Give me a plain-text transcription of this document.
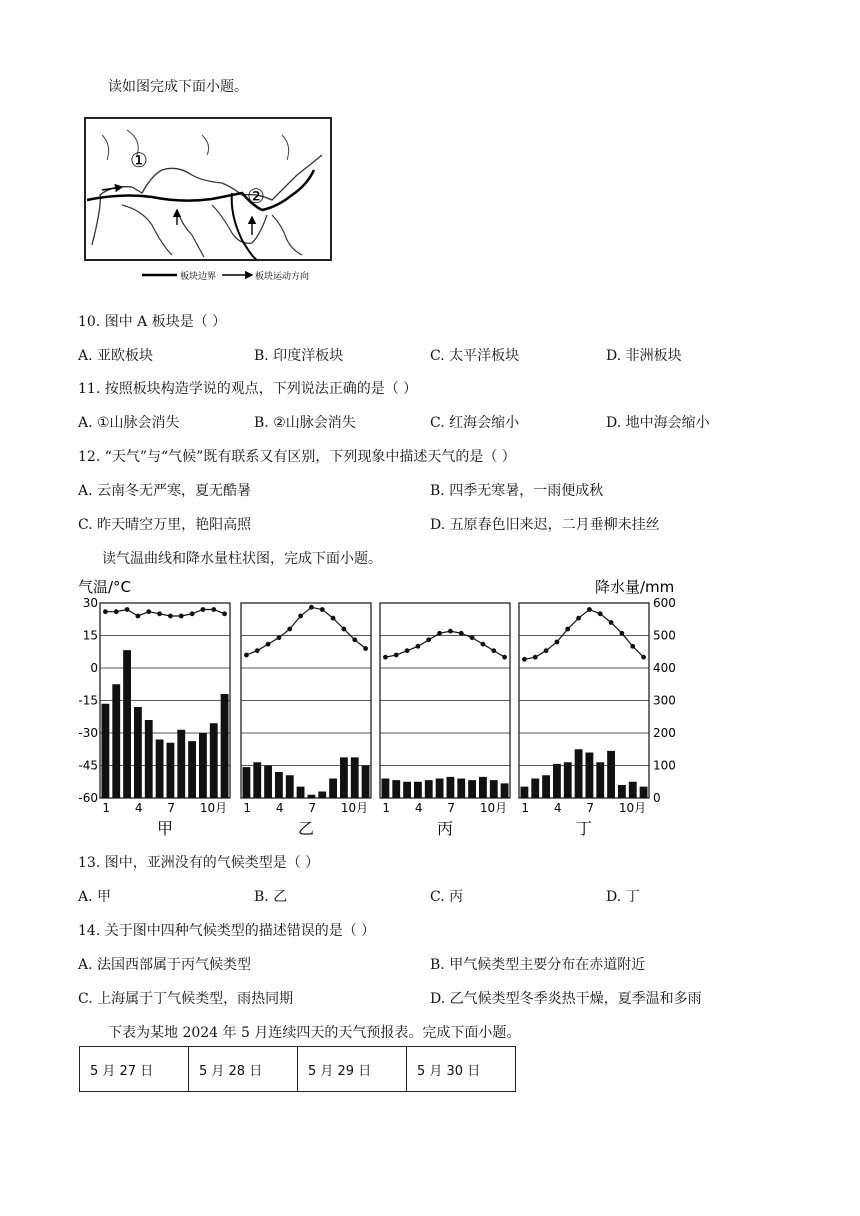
读如图完成下面小题。
①
②
板块边界	板块运动方向
10. 图中 A 板块是（ ）
A. 亚欧板块	B. 印度洋板块	C. 太平洋板块	D. 非洲板块
11. 按照板块构造学说的观点，下列说法正确的是（ ）
A. ①山脉会消失	B. ②山脉会消失	C. 红海会缩小	D. 地中海会缩小
12. “天气”与“气候”既有联系又有区别，下列现象中描述天气的是（ ）
A. 云南冬无严寒，夏无酷暑	B. 四季无寒暑，一雨便成秋
C. 昨天晴空万里，艳阳高照	D. 五原春色旧来迟，二月垂柳未挂丝
读气温曲线和降水量柱状图，完成下面小题。
气温/°C	降水量/mm
30
15
0
-15
-30
-45
-60
600
500
400
300
200
100
0
1 4 7 10月
甲
1 4 7 10月
乙
1 4 7 10月
丙
1 4 7 10月
丁
13. 图中，亚洲没有的气候类型是（ ）
A. 甲	B. 乙	C. 丙	D. 丁
14. 关于图中四种气候类型的描述错误的是（ ）
A. 法国西部属于丙气候类型	B. 甲气候类型主要分布在赤道附近
C. 上海属于丁气候类型，雨热同期	D. 乙气候类型冬季炎热干燥，夏季温和多雨
下表为某地 2024 年 5 月连续四天的天气预报表。完成下面小题。
5 月 27 日	5 月 28 日	5 月 29 日	5 月 30 日
